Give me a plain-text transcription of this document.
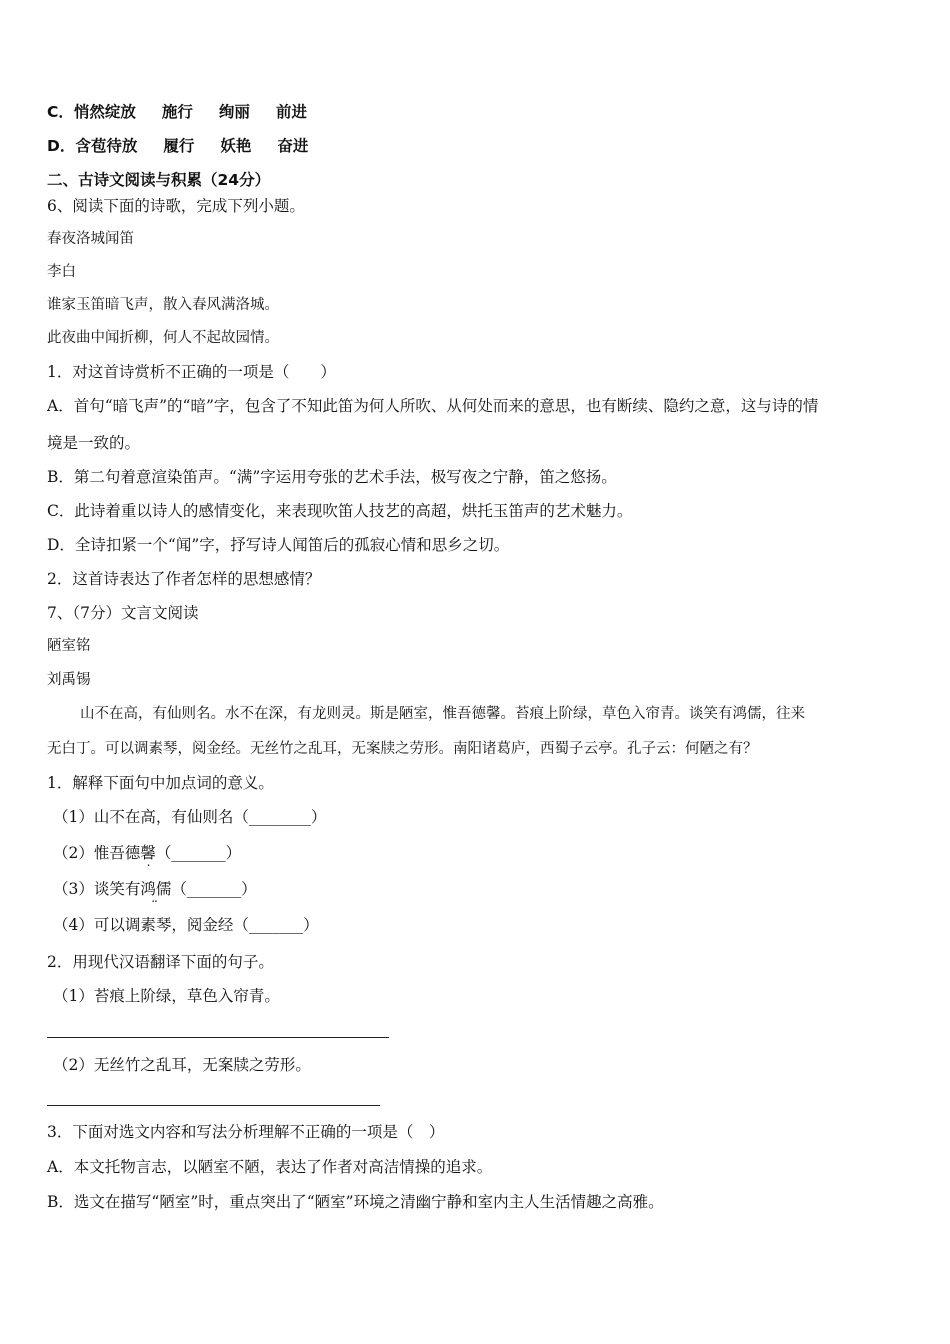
C．悄然绽放 施行 绚丽 前进
D．含苞待放 履行 妖艳 奋进
二、古诗文阅读与积累（24分）
6、阅读下面的诗歌，完成下列小题。
春夜洛城闻笛
李白
谁家玉笛暗飞声，散入春风满洛城。
此夜曲中闻折柳，何人不起故园情。
1．对这首诗赏析不正确的一项是（　　）
A．首句“暗飞声”的“暗”字，包含了不知此笛为何人所吹、从何处而来的意思，也有断续、隐约之意，这与诗的情
境是一致的。
B．第二句着意渲染笛声。“满”字运用夸张的艺术手法，极写夜之宁静，笛之悠扬。
C．此诗着重以诗人的感情变化，来表现吹笛人技艺的高超，烘托玉笛声的艺术魅力。
D．全诗扣紧一个“闻”字，抒写诗人闻笛后的孤寂心情和思乡之切。
2．这首诗表达了作者怎样的思想感情？
7、（7分）文言文阅读
陋室铭
刘禹锡
山不在高，有仙则名。水不在深，有龙则灵。斯是陋室，惟吾德馨。苔痕上阶绿，草色入帘青。谈笑有鸿儒，往来
无白丁。可以调素琴，阅金经。无丝竹之乱耳，无案牍之劳形。南阳诸葛庐，西蜀子云亭。孔子云：何陋之有？
1．解释下面句中加点词的意义。
（1）山不在高，有仙则名（________）
（2）惟吾德馨（_______）
（3）谈笑有鸿儒 ..（_______）
（4）可以调素琴，阅金经（_______）
2．用现代汉语翻译下面的句子。
（1）苔痕上阶绿，草色入帘青。
（2）无丝竹之乱耳，无案牍之劳形。
3．下面对选文内容和写法分析理解不正确的一项是（　）
A．本文托物言志，以陋室不陋，表达了作者对高洁情操的追求。
B．选文在描写“陋室”时，重点突出了“陋室”环境之清幽宁静和室内主人生活情趣之高雅。
